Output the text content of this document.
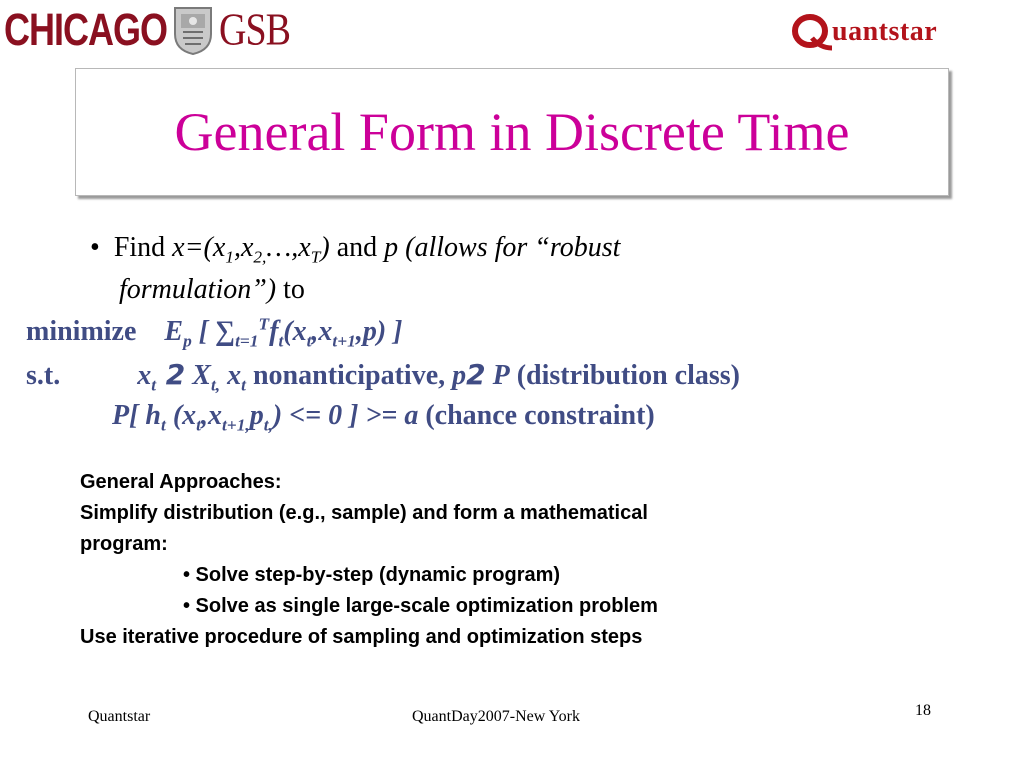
CHICAGO GSB	uantstar
General Form in Discrete Time
•  Find $x=(x_1,x_{2,}\dots,x_T)$ and p (allows for “robust
formulation”) to
minimize $E_p$ [ $\sum_{t=1}^Tf_t(x_t,x_{t+1},p)$ ]
s.t.	$x_t$ 2 $X_{t,}$ $x_t$ nonanticipative, p2 P (distribution class)
P[ $h_t$ $(x_t,x_{t+1,}p_{t,}) <= 0$ ] >= a (chance constraint)
General Approaches:
Simplify distribution (e.g., sample) and form a mathematical
program:
• Solve step-by-step (dynamic program)
• Solve as single large-scale optimization problem
Use iterative procedure of sampling and optimization steps
Quantstar	QuantDay2007-New York	18
